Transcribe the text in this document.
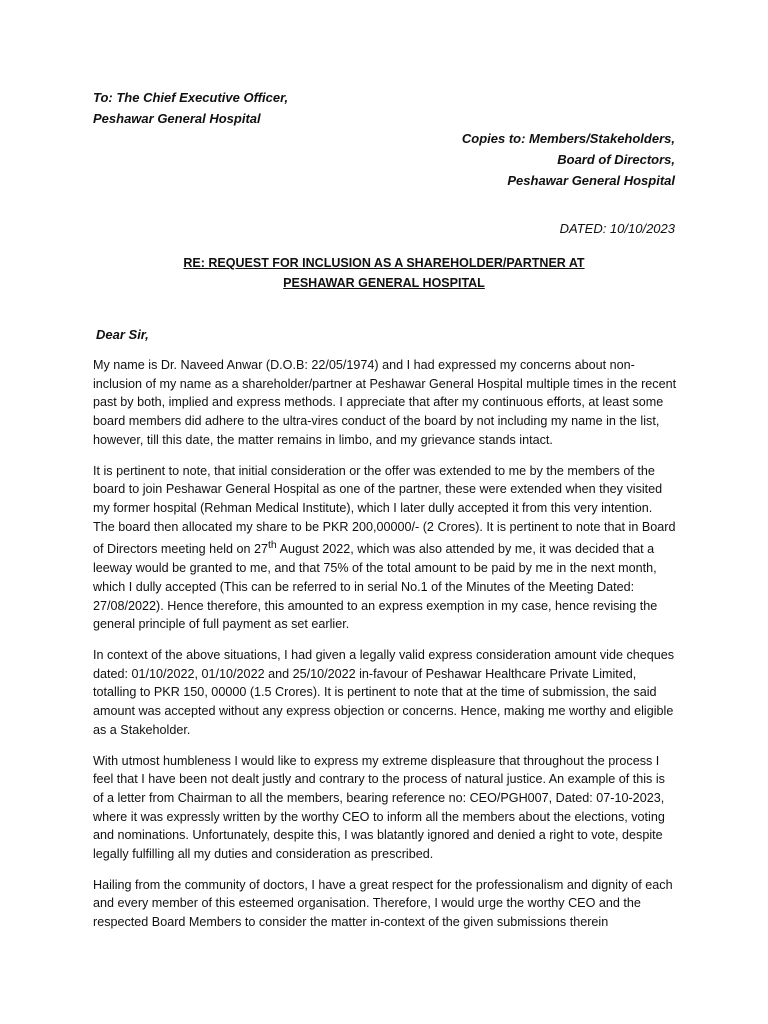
To: The Chief Executive Officer,
Peshawar General Hospital
Copies to: Members/Stakeholders,
Board of Directors,
Peshawar General Hospital
DATED: 10/10/2023
RE: REQUEST FOR INCLUSION AS A SHAREHOLDER/PARTNER AT
PESHAWAR GENERAL HOSPITAL
Dear Sir,

My name is Dr. Naveed Anwar (D.O.B: 22/05/1974) and I had expressed my concerns about non-inclusion of my name as a shareholder/partner at Peshawar General Hospital multiple times in the recent past by both, implied and express methods. I appreciate that after my continuous efforts, at least some board members did adhere to the ultra-vires conduct of the board by not including my name in the list, however, till this date, the matter remains in limbo, and my grievance stands intact.

It is pertinent to note, that initial consideration or the offer was extended to me by the members of the board to join Peshawar General Hospital as one of the partner, these were extended when they visited my former hospital (Rehman Medical Institute), which I later dully accepted it from this very intention. The board then allocated my share to be PKR 200,00000/- (2 Crores). It is pertinent to note that in Board of Directors meeting held on 27th August 2022, which was also attended by me, it was decided that a leeway would be granted to me, and that 75% of the total amount to be paid by me in the next month, which I dully accepted (This can be referred to in serial No.1 of the Minutes of the Meeting Dated: 27/08/2022). Hence therefore, this amounted to an express exemption in my case, hence revising the general principle of full payment as set earlier.

In context of the above situations, I had given a legally valid express consideration amount vide cheques dated: 01/10/2022, 01/10/2022 and 25/10/2022 in-favour of Peshawar Healthcare Private Limited, totalling to PKR 150, 00000 (1.5 Crores). It is pertinent to note that at the time of submission, the said amount was accepted without any express objection or concerns. Hence, making me worthy and eligible as a Stakeholder.

With utmost humbleness I would like to express my extreme displeasure that throughout the process I feel that I have been not dealt justly and contrary to the process of natural justice. An example of this is of a letter from Chairman to all the members, bearing reference no: CEO/PGH007, Dated: 07-10-2023, where it was expressly written by the worthy CEO to inform all the members about the elections, voting and nominations. Unfortunately, despite this, I was blatantly ignored and denied a right to vote, despite legally fulfilling all my duties and consideration as prescribed.

Hailing from the community of doctors, I have a great respect for the professionalism and dignity of each and every member of this esteemed organisation. Therefore, I would urge the worthy CEO and the respected Board Members to consider the matter in-context of the given submissions therein
